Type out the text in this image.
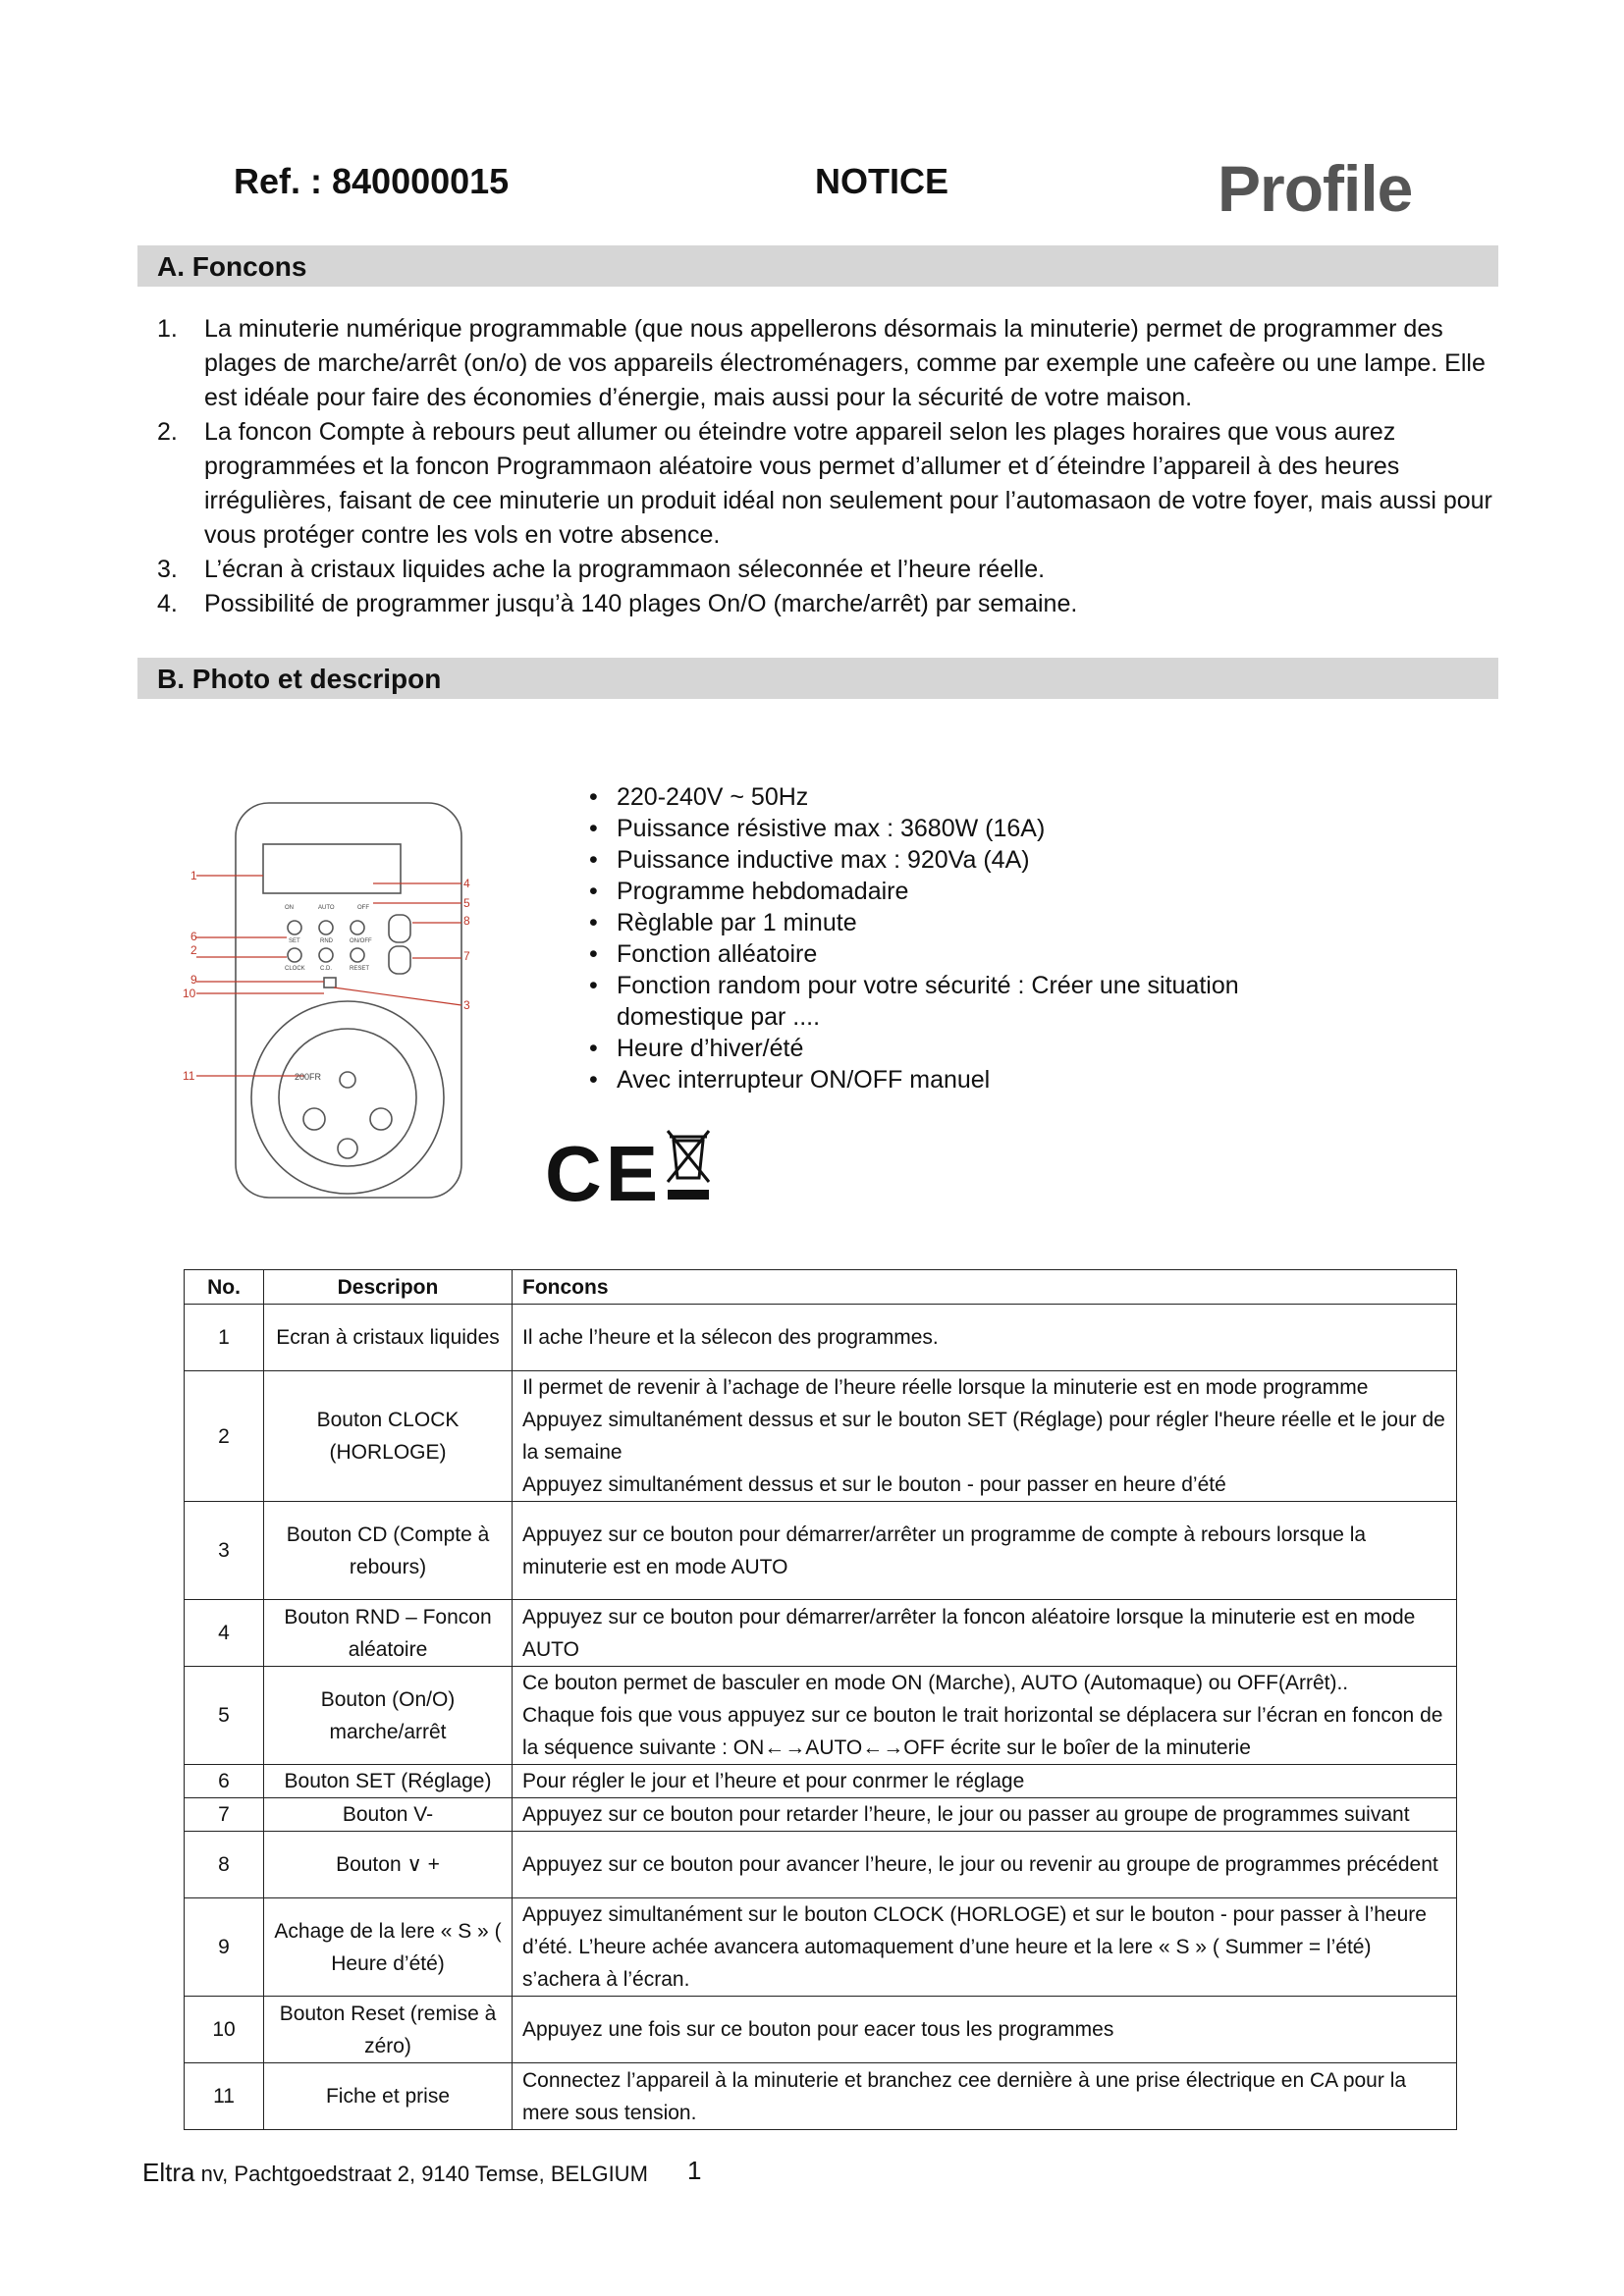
Ref. : 840000015	NOTICE	Profile
A. Foncons
1. La minuterie numérique programmable (que nous appellerons désormais la minuterie) permet de programmer des plages de marche/arrêt (on/o) de vos appareils électroménagers, comme par exemple une cafeère ou une lampe. Elle est idéale pour faire des économies d’énergie, mais aussi pour la sécurité de votre maison.
2. La foncon Compte à rebours peut allumer ou éteindre votre appareil selon les plages horaires que vous aurez programmées et la foncon Programmaon aléatoire vous permet d’allumer et d´éteindre l’appareil à des heures irrégulières, faisant de cee minuterie un produit idéal non seulement pour l’automasaon de votre foyer, mais aussi pour vous protéger contre les vols en votre absence.
3. L’écran à cristaux liquides ache la programmaon séleconnée et l’heure réelle.
4. Possibilité de programmer jusqu’à 140 plages On/O (marche/arrêt) par semaine.
B. Photo et descripon
1
2
3
4
5
6
7
8
9
10
11
ON	AUTO	OFF
SET	RND	ON/OFF
CLOCK	C.D.	RESET
200FR
• 220-240V ~ 50Hz
• Puissance résistive max : 3680W (16A)
• Puissance inductive max : 920Va (4A)
• Programme hebdomadaire
• Règlable par 1 minute
• Fonction alléatoire
• Fonction random pour votre sécurité : Créer une situation domestique par ....
• Heure d’hiver/été
• Avec interrupteur ON/OFF manuel
CE
No.	Descripon	Foncons
1	Ecran à cristaux liquides	Il ache l’heure et la sélecon des programmes.
2	Bouton CLOCK (HORLOGE)	Il permet de revenir à l’achage de l’heure réelle lorsque la minuterie est en mode programme
Appuyez simultanément dessus et sur le bouton SET (Réglage) pour régler l'heure réelle et le jour de la semaine
Appuyez simultanément dessus et sur le bouton - pour passer en heure d’été
3	Bouton CD (Compte à rebours)	Appuyez sur ce bouton pour démarrer/arrêter un programme de compte à rebours lorsque la minuterie est en mode AUTO
4	Bouton RND – Foncon aléatoire	Appuyez sur ce bouton pour démarrer/arrêter la foncon aléatoire lorsque la minuterie est en mode AUTO
5	Bouton (On/O) marche/arrêt	Ce bouton permet de basculer en mode ON (Marche), AUTO (Automaque) ou OFF(Arrêt)..
Chaque fois que vous appuyez sur ce bouton le trait horizontal se déplacera sur l’écran en foncon de la séquence suivante : ON←→AUTO←→OFF écrite sur le boîer de la minuterie
6	Bouton SET (Réglage)	Pour régler le jour et l’heure et pour conrmer le réglage
7	Bouton V-	Appuyez sur ce bouton pour retarder l’heure, le jour ou passer au groupe de programmes suivant
8	Bouton ∨ +	Appuyez sur ce bouton pour avancer l’heure, le jour ou revenir au groupe de programmes précédent
9	Achage de la lere « S » ( Heure d’été)	Appuyez simultanément sur le bouton CLOCK (HORLOGE) et sur le bouton - pour passer à l’heure d’été. L’heure achée avancera automaquement d’une heure et la lere « S » ( Summer = l’été) s’achera à l’écran.
10	Bouton Reset (remise à zéro)	Appuyez une fois sur ce bouton pour eacer tous les programmes
11	Fiche et prise	Connectez l’appareil à la minuterie et branchez cee dernière à une prise électrique en CA pour la mere sous tension.
Eltra nv, Pachtgoedstraat 2, 9140 Temse, BELGIUM 1
